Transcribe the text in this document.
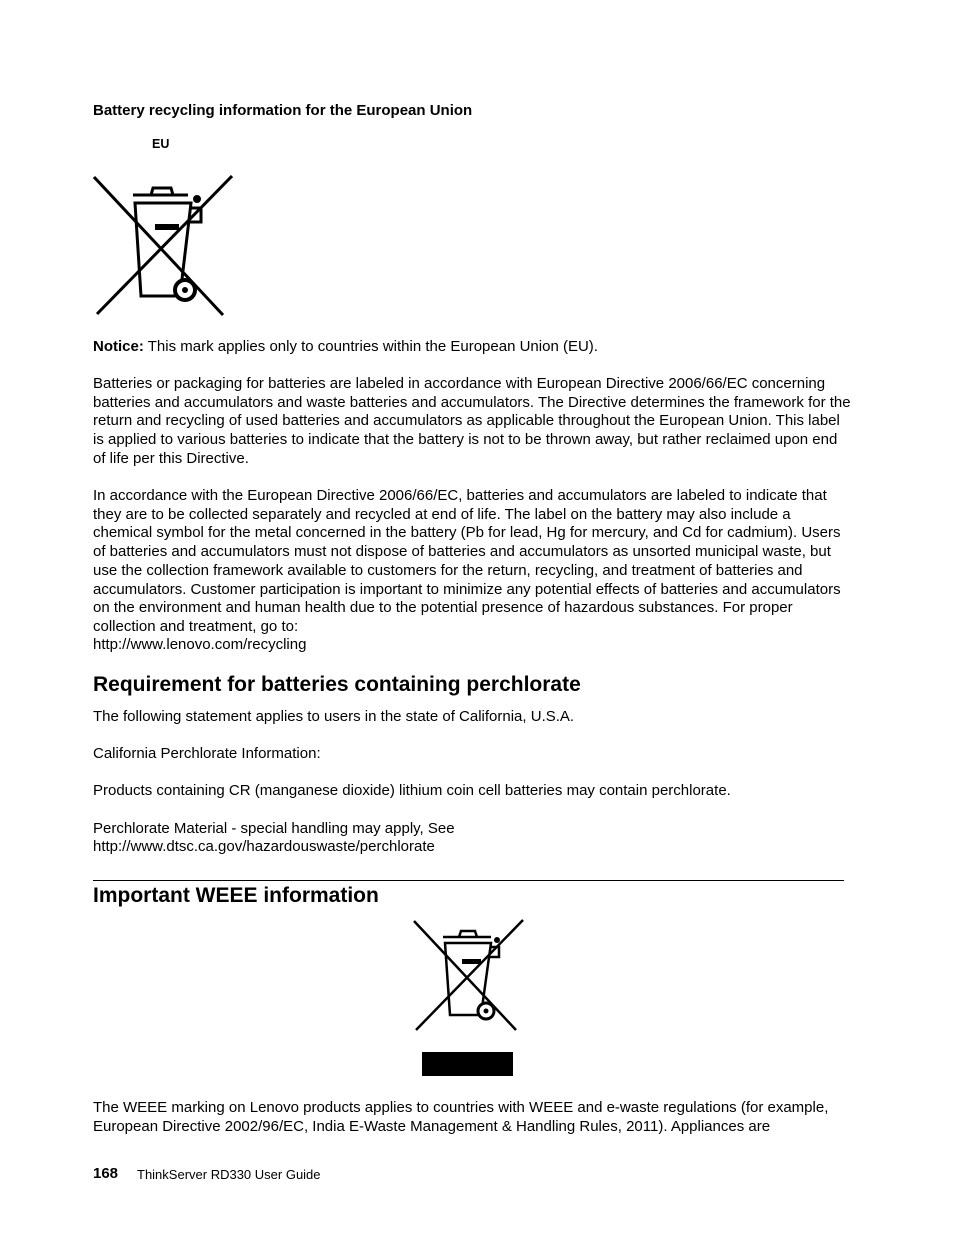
Battery recycling information for the European Union
EU

Notice: This mark applies only to countries within the European Union (EU).

Batteries or packaging for batteries are labeled in accordance with European Directive 2006/66/EC concerning batteries and accumulators and waste batteries and accumulators. The Directive determines the framework for the return and recycling of used batteries and accumulators as applicable throughout the European Union. This label is applied to various batteries to indicate that the battery is not to be thrown away, but rather reclaimed upon end of life per this Directive.

In accordance with the European Directive 2006/66/EC, batteries and accumulators are labeled to indicate that they are to be collected separately and recycled at end of life. The label on the battery may also include a chemical symbol for the metal concerned in the battery (Pb for lead, Hg for mercury, and Cd for cadmium). Users of batteries and accumulators must not dispose of batteries and accumulators as unsorted municipal waste, but use the collection framework available to customers for the return, recycling, and treatment of batteries and accumulators. Customer participation is important to minimize any potential effects of batteries and accumulators on the environment and human health due to the potential presence of hazardous substances. For proper collection and treatment, go to:

http://www.lenovo.com/recycling

Requirement for batteries containing perchlorate

The following statement applies to users in the state of California, U.S.A.

California Perchlorate Information:

Products containing CR (manganese dioxide) lithium coin cell batteries may contain perchlorate.

Perchlorate Material - special handling may apply, See

http://www.dtsc.ca.gov/hazardouswaste/perchlorate

Important WEEE information

The WEEE marking on Lenovo products applies to countries with WEEE and e-waste regulations (for example, European Directive 2002/96/EC, India E-Waste Management & Handling Rules, 2011). Appliances are

168 ThinkServer RD330 User Guide
